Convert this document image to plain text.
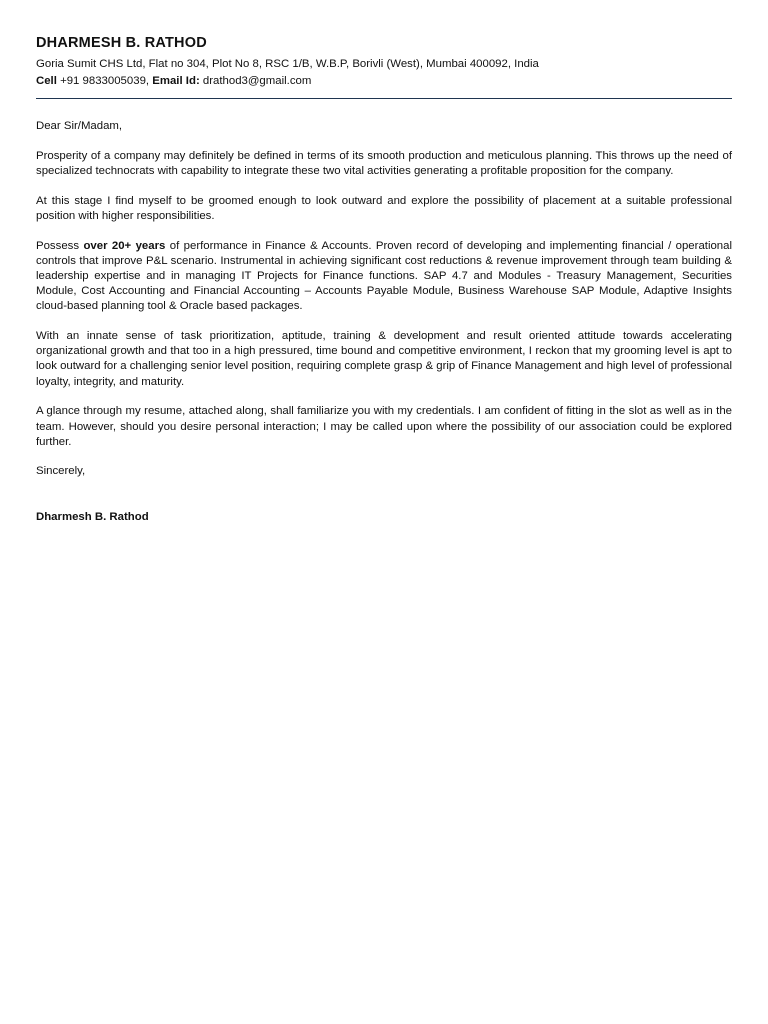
DHARMESH B. RATHOD
Goria Sumit CHS Ltd, Flat no 304, Plot No 8, RSC 1/B, W.B.P, Borivli (West), Mumbai 400092, India
Cell +91 9833005039, Email Id: drathod3@gmail.com

Dear Sir/Madam,

Prosperity of a company may definitely be defined in terms of its smooth production and meticulous planning. This throws up the need of specialized technocrats with capability to integrate these two vital activities generating a profitable proposition for the company.

At this stage I find myself to be groomed enough to look outward and explore the possibility of placement at a suitable professional position with higher responsibilities.

Possess over 20+ years of performance in Finance & Accounts. Proven record of developing and implementing financial / operational controls that improve P&L scenario. Instrumental in achieving significant cost reductions & revenue improvement through team building & leadership expertise and in managing IT Projects for Finance functions. SAP 4.7 and Modules - Treasury Management, Securities Module, Cost Accounting and Financial Accounting – Accounts Payable Module, Business Warehouse SAP Module, Adaptive Insights cloud-based planning tool & Oracle based packages.

With an innate sense of task prioritization, aptitude, training & development and result oriented attitude towards accelerating organizational growth and that too in a high pressured, time bound and competitive environment, I reckon that my grooming level is apt to look outward for a challenging senior level position, requiring complete grasp & grip of Finance Management and high level of professional loyalty, integrity, and maturity.

A glance through my resume, attached along, shall familiarize you with my credentials. I am confident of fitting in the slot as well as in the team. However, should you desire personal interaction; I may be called upon where the possibility of our association could be explored further.

Sincerely,

Dharmesh B. Rathod
